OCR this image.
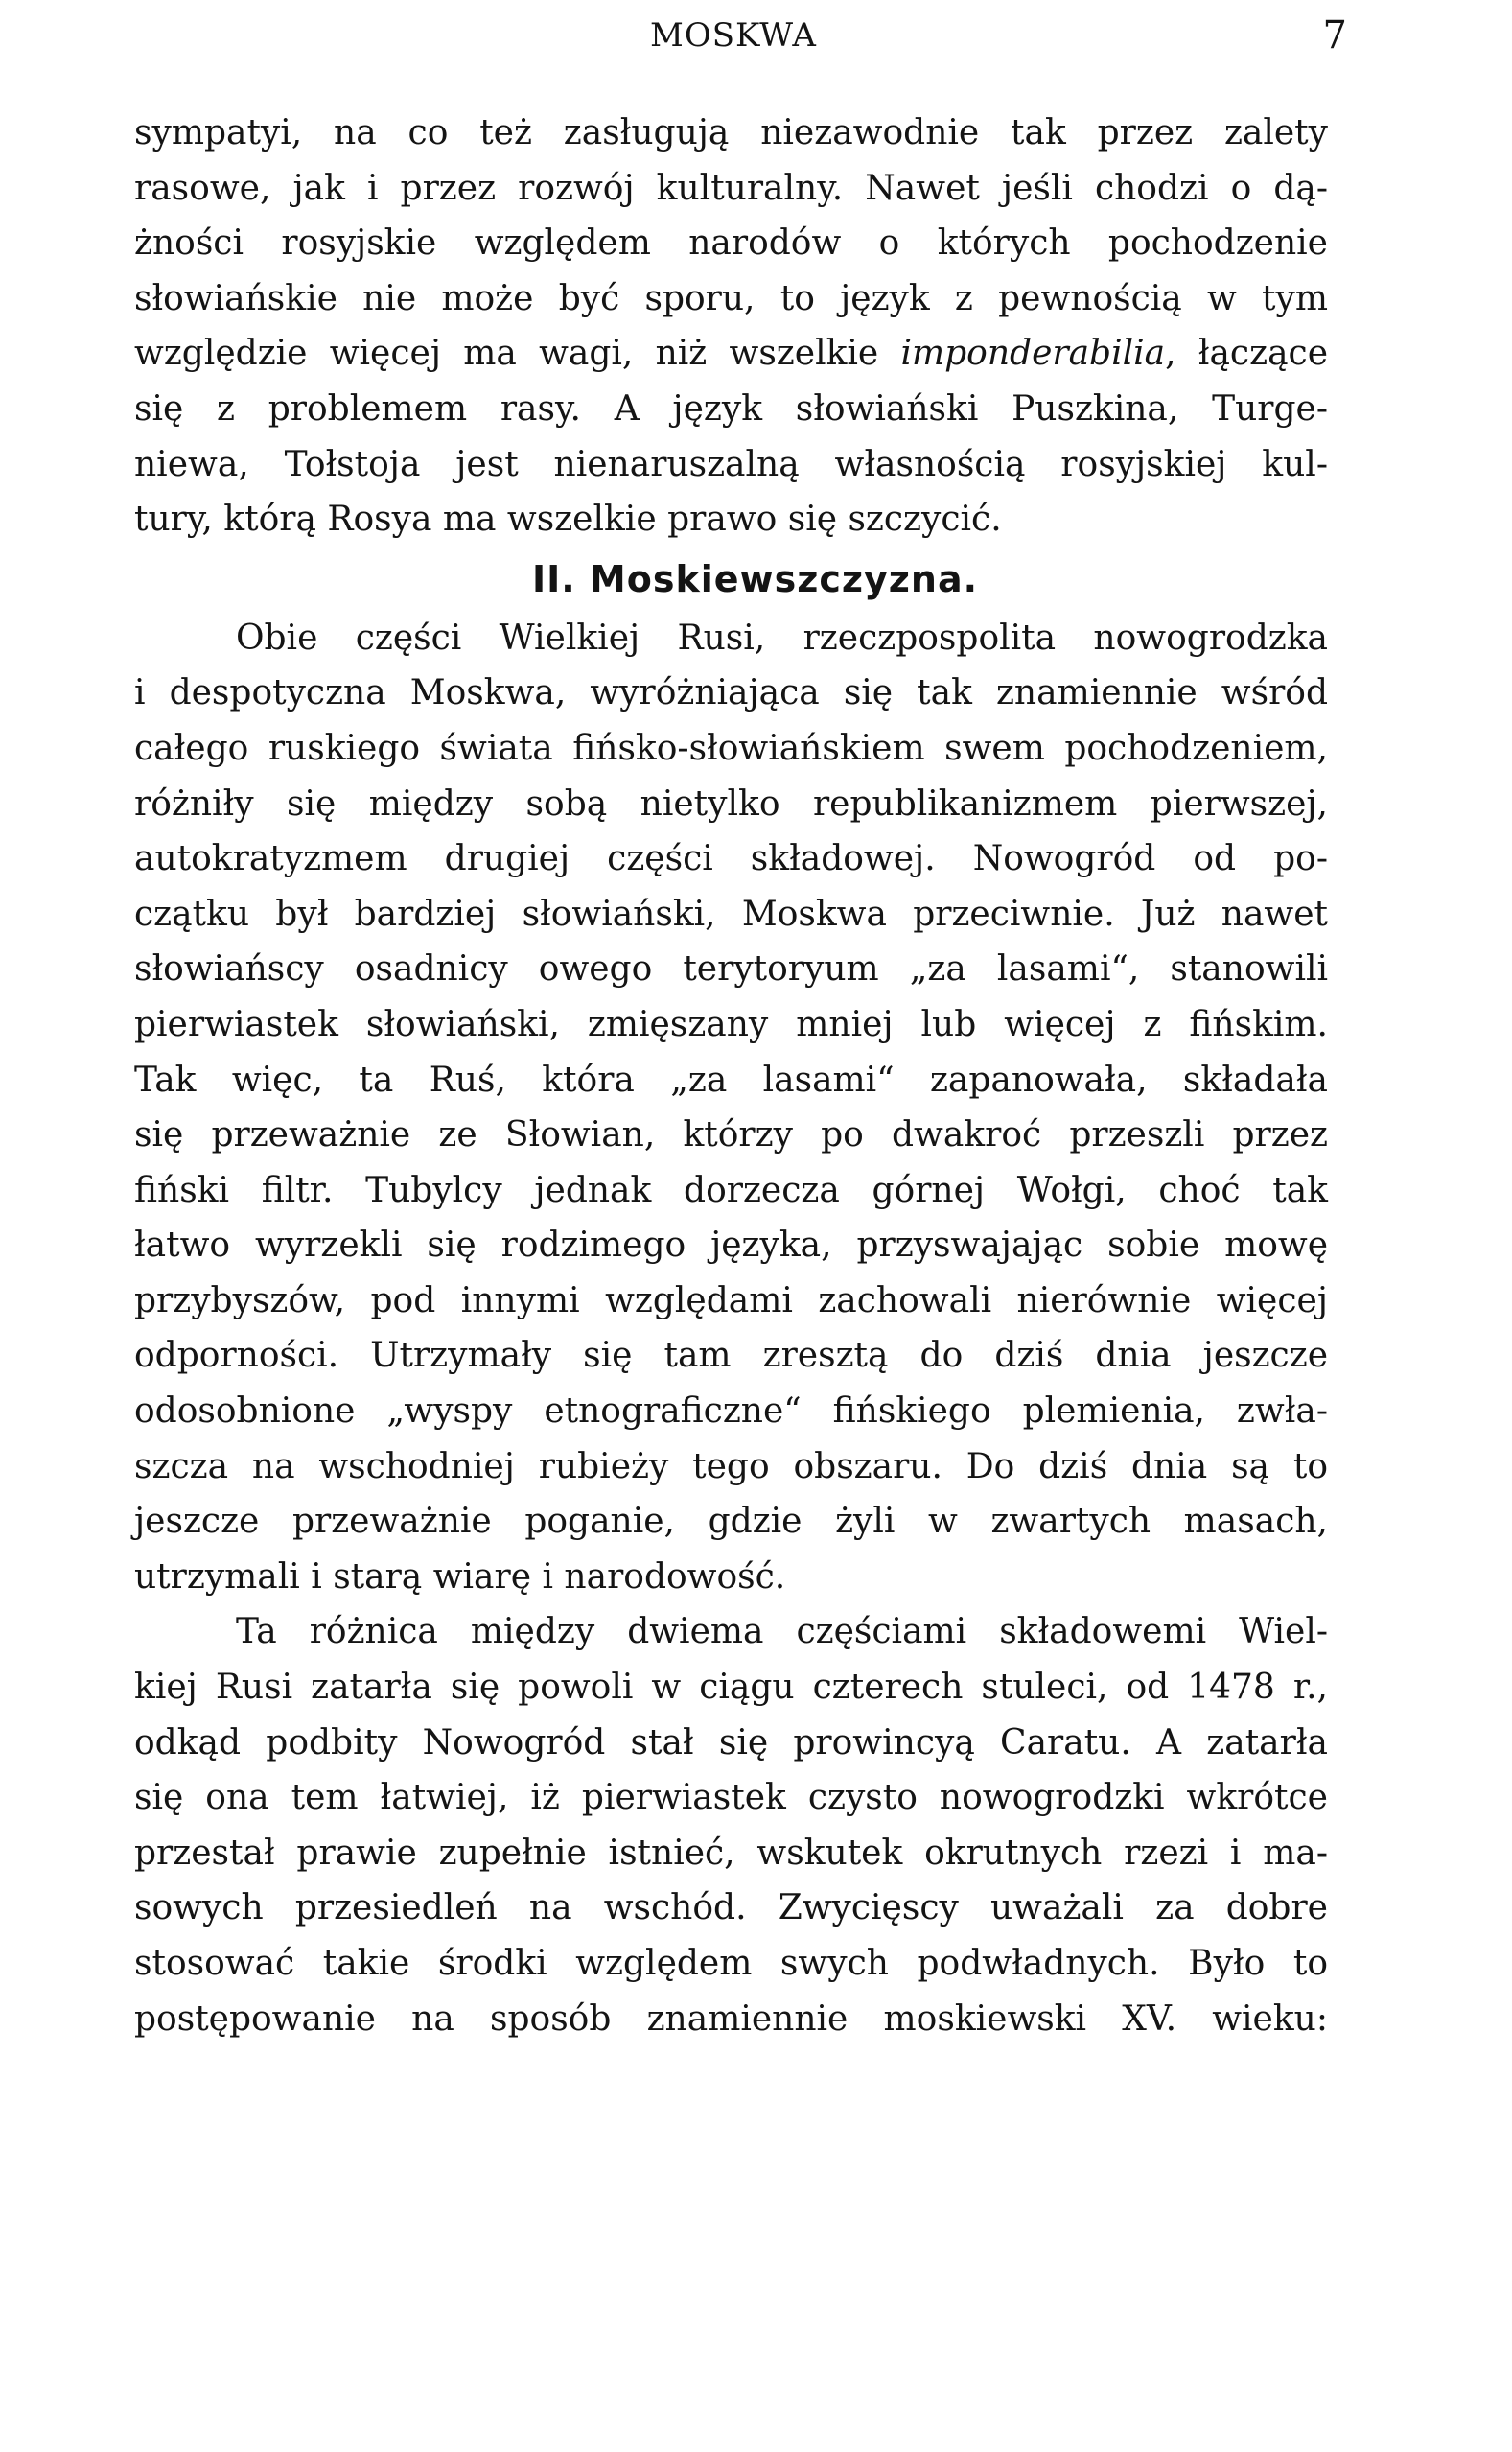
MOSKWA	7
sympatyi, na co też zasługują niezawodnie tak przez zalety
rasowe, jak i przez rozwój kulturalny. Nawet jeśli chodzi o dą-
żności rosyjskie względem narodów o których pochodzenie
słowiańskie nie może być sporu, to język z pewnością w tym
względzie więcej ma wagi, niż wszelkie imponderabilia, łączące
się z problemem rasy. A język słowiański Puszkina, Turge-
niewa, Tołstoja jest nienaruszalną własnością rosyjskiej kul-
tury, którą Rosya ma wszelkie prawo się szczycić.
II. Moskiewszczyzna.
Obie części Wielkiej Rusi, rzeczpospolita nowogrodzka
i despotyczna Moskwa, wyróżniająca się tak znamiennie wśród
całego ruskiego świata fińsko-słowiańskiem swem pochodzeniem,
różniły się między sobą nietylko republikanizmem pierwszej,
autokratyzmem drugiej części składowej. Nowogród od po-
czątku był bardziej słowiański, Moskwa przeciwnie. Już nawet
słowiańscy osadnicy owego terytoryum „za lasami“, stanowili
pierwiastek słowiański, zmięszany mniej lub więcej z fińskim.
Tak więc, ta Ruś, która „za lasami“ zapanowała, składała
się przeważnie ze Słowian, którzy po dwakroć przeszli przez
fiński filtr. Tubylcy jednak dorzecza górnej Wołgi, choć tak
łatwo wyrzekli się rodzimego języka, przyswajając sobie mowę
przybyszów, pod innymi względami zachowali nierównie więcej
odporności. Utrzymały się tam zresztą do dziś dnia jeszcze
odosobnione „wyspy etnograficzne“ fińskiego plemienia, zwła-
szcza na wschodniej rubieży tego obszaru. Do dziś dnia są to
jeszcze przeważnie poganie, gdzie żyli w zwartych masach,
utrzymali i starą wiarę i narodowość.
Ta różnica między dwiema częściami składowemi Wiel-
kiej Rusi zatarła się powoli w ciągu czterech stuleci, od 1478 r.,
odkąd podbity Nowogród stał się prowincyą Caratu. A zatarła
się ona tem łatwiej, iż pierwiastek czysto nowogrodzki wkrótce
przestał prawie zupełnie istnieć, wskutek okrutnych rzezi i ma-
sowych przesiedleń na wschód. Zwycięscy uważali za dobre
stosować takie środki względem swych podwładnych. Było to
postępowanie na sposób znamiennie moskiewski XV. wieku:
